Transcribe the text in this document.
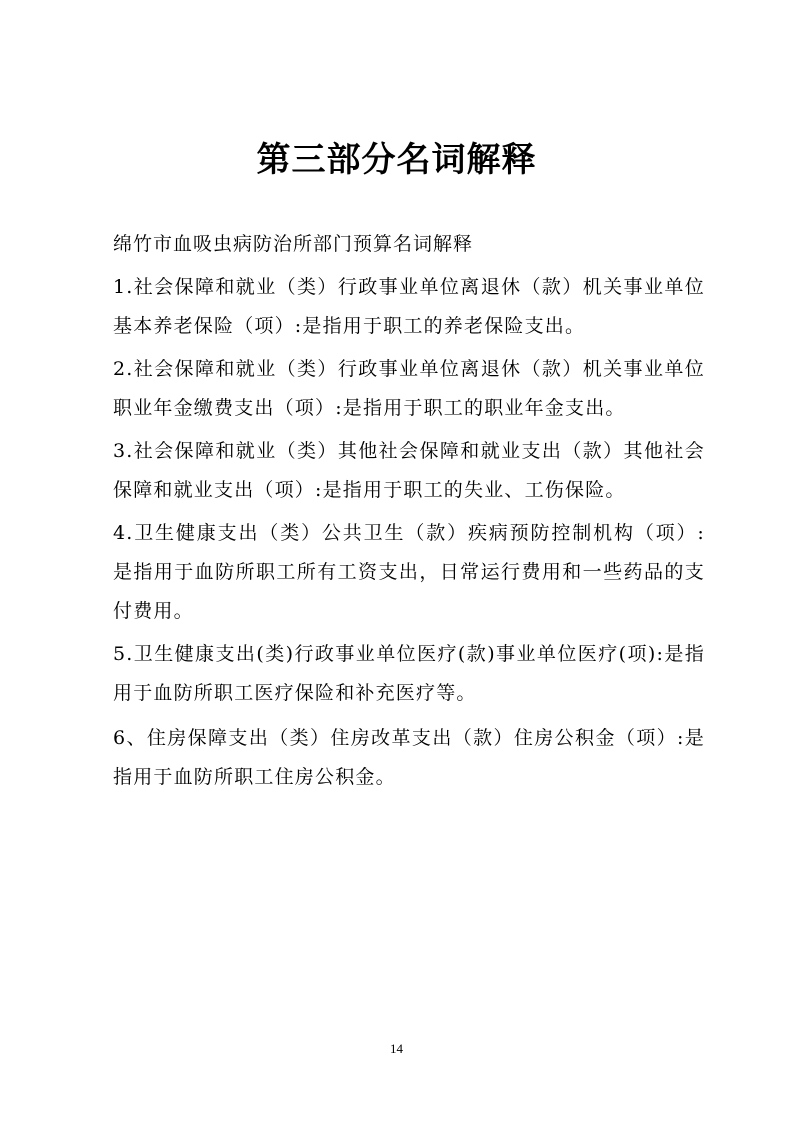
第三部分名词解释
绵竹市血吸虫病防治所部门预算名词解释

1.社会保障和就业（类）行政事业单位离退休（款）机关事业单位基本养老保险（项）:是指用于职工的养老保险支出。

2.社会保障和就业（类）行政事业单位离退休（款）机关事业单位职业年金缴费支出（项）:是指用于职工的职业年金支出。

3.社会保障和就业（类）其他社会保障和就业支出（款）其他社会保障和就业支出（项）:是指用于职工的失业、工伤保险。

4.卫生健康支出（类）公共卫生（款）疾病预防控制机构（项）:是指用于血防所职工所有工资支出，日常运行费用和一些药品的支付费用。

5.卫生健康支出(类)行政事业单位医疗(款)事业单位医疗(项):是指用于血防所职工医疗保险和补充医疗等。

6、住房保障支出（类）住房改革支出（款）住房公积金（项）:是指用于血防所职工住房公积金。

14
